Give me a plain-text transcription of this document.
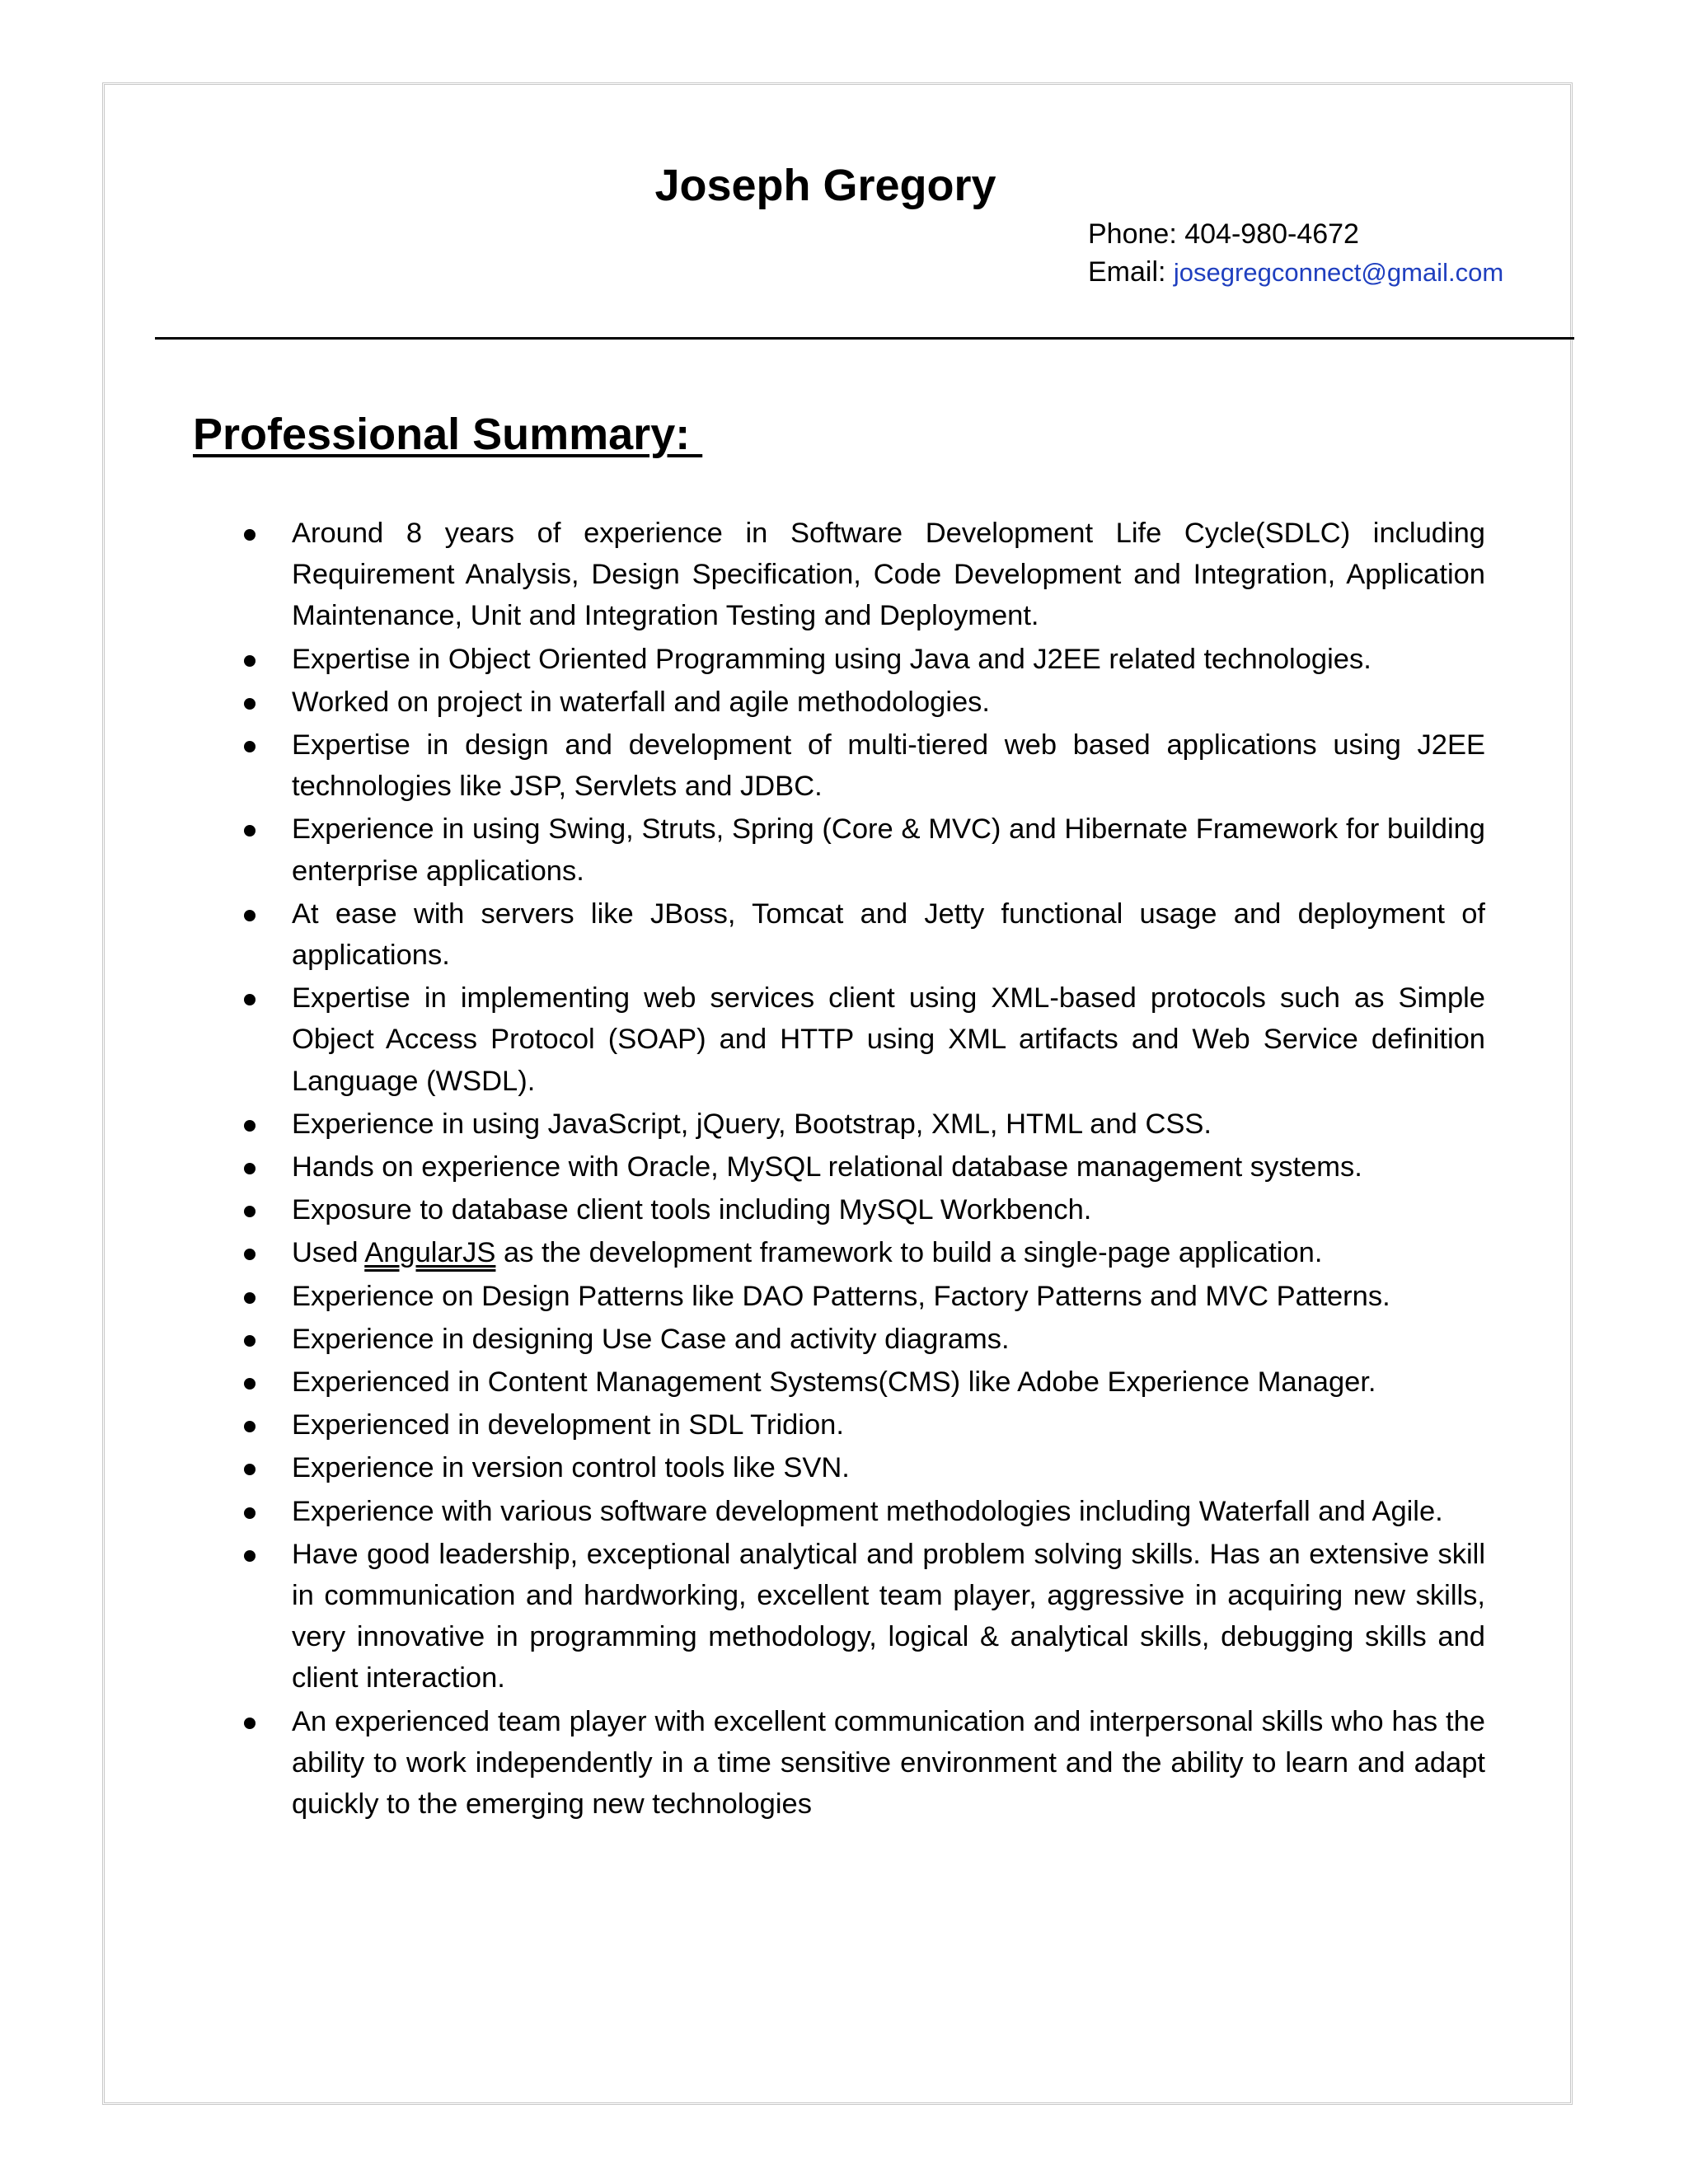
Joseph Gregory
Phone: 404-980-4672
Email: josegregconnect@gmail.com
Professional Summary:
Around 8 years of experience in Software Development Life Cycle(SDLC) including Requirement Analysis, Design Specification, Code Development and Integration, Application Maintenance, Unit and Integration Testing and Deployment.
Expertise in Object Oriented Programming using Java and J2EE related technologies.
Worked on project in waterfall and agile methodologies.
Expertise in design and development of multi-tiered web based applications using J2EE technologies like JSP, Servlets and JDBC.
Experience in using Swing, Struts, Spring (Core & MVC) and Hibernate Framework for building enterprise applications.
At ease with servers like JBoss, Tomcat and Jetty functional usage and deployment of applications.
Expertise in implementing web services client using XML-based protocols such as Simple Object Access Protocol (SOAP) and HTTP using XML artifacts and Web Service definition Language (WSDL).
Experience in using JavaScript, jQuery, Bootstrap, XML, HTML and CSS.
Hands on experience with Oracle, MySQL relational database management systems.
Exposure to database client tools including MySQL Workbench.
Used AngularJS as the development framework to build a single-page application.
Experience on Design Patterns like DAO Patterns, Factory Patterns and MVC Patterns.
Experience in designing Use Case and activity diagrams.
Experienced in Content Management Systems(CMS) like Adobe Experience Manager.
Experienced in development in SDL Tridion.
Experience in version control tools like SVN.
Experience with various software development methodologies including Waterfall and Agile.
Have good leadership, exceptional analytical and problem solving skills. Has an extensive skill in communication and hardworking, excellent team player, aggressive in acquiring new skills, very innovative in programming methodology, logical & analytical skills, debugging skills and client interaction.
An experienced team player with excellent communication and interpersonal skills who has the ability to work independently in a time sensitive environment and the ability to learn and adapt quickly to the emerging new technologies
